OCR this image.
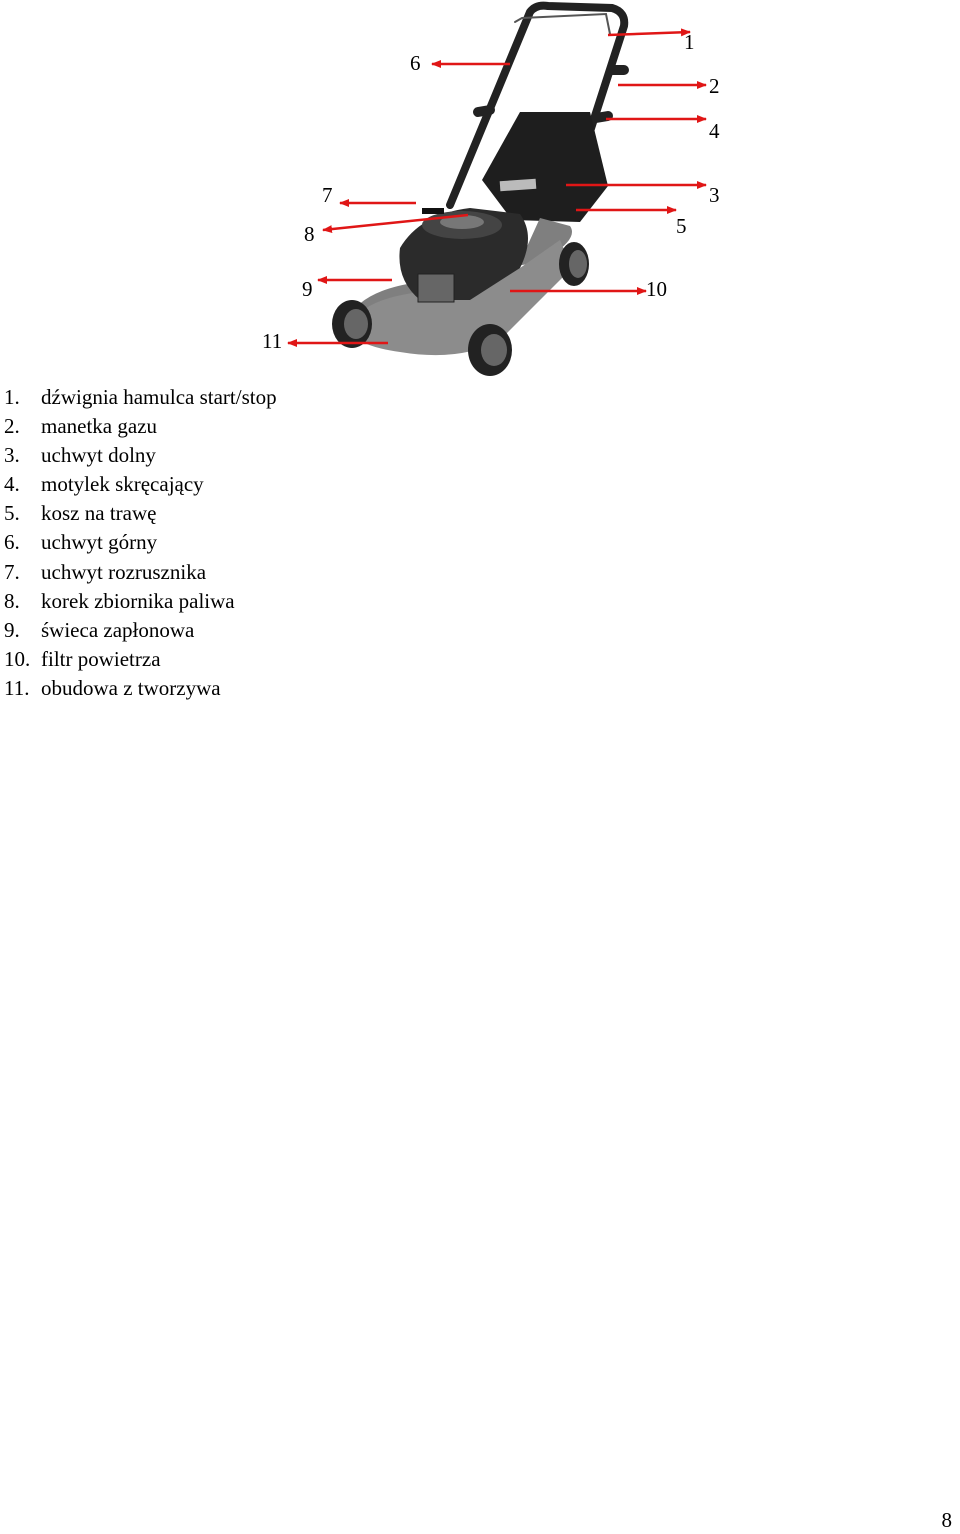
1
2
4
3
5
6
7
8
9	10
11
1.	dźwignia hamulca start/stop
2.	manetka gazu
3.	uchwyt dolny
4.	motylek skręcający
5.	kosz na trawę
6.	uchwyt górny
7.	uchwyt rozrusznika
8.	korek zbiornika paliwa
9.	świeca zapłonowa
10. filtr powietrza
11. obudowa z tworzywa
8
